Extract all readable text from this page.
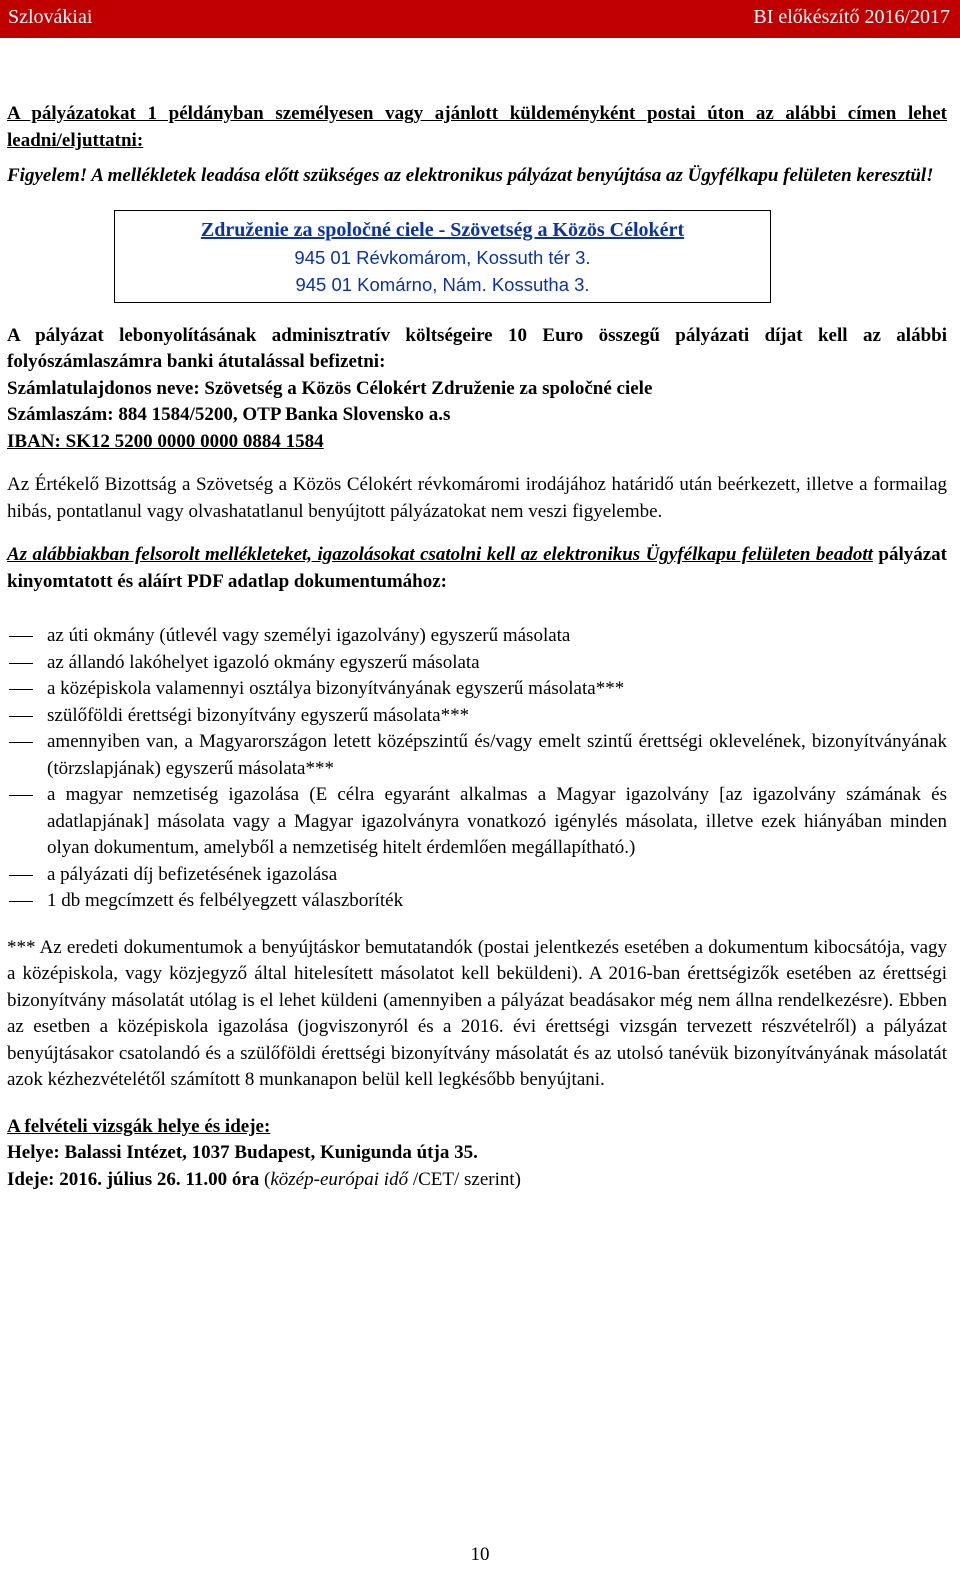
Szlovákiai	BI előkészítő 2016/2017

A pályázatokat 1 példányban személyesen vagy ajánlott küldeményként postai úton az alábbi címen lehet leadni/eljuttatni:

Figyelem! A mellékletek leadása előtt szükséges az elektronikus pályázat benyújtása az Ügyfélkapu felületen keresztül!

Združenie za spoločné ciele - Szövetség a Közös Célokért
945 01 Révkomárom, Kossuth tér 3.
945 01 Komárno, Nám. Kossutha 3.

A pályázat lebonyolításának adminisztratív költségeire 10 Euro összegű pályázati díjat kell az alábbi folyószámlaszámra banki átutalással befizetni:

Számlatulajdonos neve: Szövetség a Közös Célokért Združenie za spoločné ciele

Számlaszám: 884 1584/5200, OTP Banka Slovensko a.s

IBAN: SK12 5200 0000 0000 0884 1584

Az Értékelő Bizottság a Szövetség a Közös Célokért révkomáromi irodájához határidő után beérkezett, illetve a formailag hibás, pontatlanul vagy olvashatatlanul benyújtott pályázatokat nem veszi figyelembe.

Az alábbiakban felsorolt mellékleteket, igazolásokat csatolni kell az elektronikus Ügyfélkapu felületen beadott pályázat kinyomtatott és aláírt PDF adatlap dokumentumához:

az úti okmány (útlevél vagy személyi igazolvány) egyszerű másolata
az állandó lakóhelyet igazoló okmány egyszerű másolata
a középiskola valamennyi osztálya bizonyítványának egyszerű másolata***
szülőföldi érettségi bizonyítvány egyszerű másolata***
amennyiben van, a Magyarországon letett középszintű és/vagy emelt szintű érettségi oklevelének, bizonyítványának (törzslapjának) egyszerű másolata***
a magyar nemzetiség igazolása (E célra egyaránt alkalmas a Magyar igazolvány [az igazolvány számának és adatlapjának] másolata vagy a Magyar igazolványra vonatkozó igénylés másolata, illetve ezek hiányában minden olyan dokumentum, amelyből a nemzetiség hitelt érdemlően megállapítható.)
a pályázati díj befizetésének igazolása
1 db megcímzett és felbélyegzett válaszboríték

*** Az eredeti dokumentumok a benyújtáskor bemutatandók (postai jelentkezés esetében a dokumentum kibocsátója, vagy a középiskola, vagy közjegyző által hitelesített másolatot kell beküldeni). A 2016-ban érettségizők esetében az érettségi bizonyítvány másolatát utólag is el lehet küldeni (amennyiben a pályázat beadásakor még nem állna rendelkezésre). Ebben az esetben a középiskola igazolása (jogviszonyról és a 2016. évi érettségi vizsgán tervezett részvételről) a pályázat benyújtásakor csatolandó és a szülőföldi érettségi bizonyítvány másolatát és az utolsó tanévük bizonyítványának másolatát azok kézhezvételétől számított 8 munkanapon belül kell legkésőbb benyújtani.

A felvételi vizsgák helye és ideje:

Helye: Balassi Intézet, 1037 Budapest, Kunigunda útja 35.

Ideje: 2016. július 26. 11.00 óra (közép-európai idő /CET/ szerint)

10
